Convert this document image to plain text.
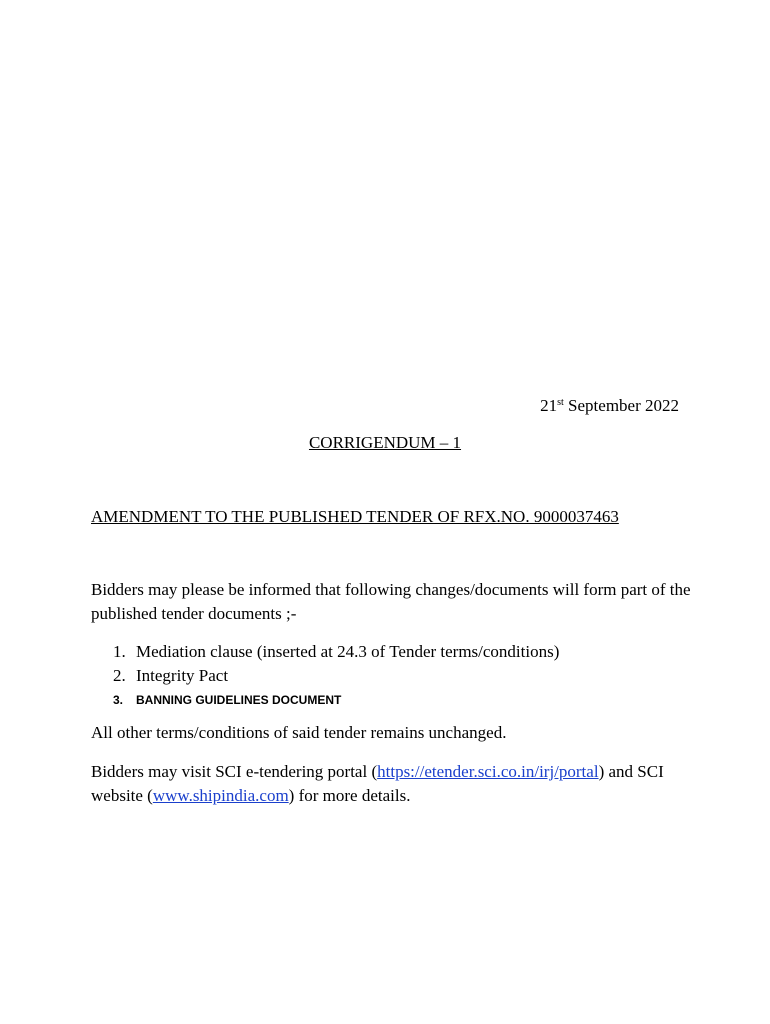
21st September 2022
CORRIGENDUM – 1
AMENDMENT TO THE PUBLISHED TENDER OF RFX.NO. 9000037463

Bidders may please be informed that following changes/documents will form part of the published tender documents ;-

1. Mediation clause (inserted at 24.3 of Tender terms/conditions)
2. Integrity Pact
3. BANNING GUIDELINES DOCUMENT
All other terms/conditions of said tender remains unchanged.

Bidders may visit SCI e-tendering portal (https://etender.sci.co.in/irj/portal) and SCI website (www.shipindia.com) for more details.
